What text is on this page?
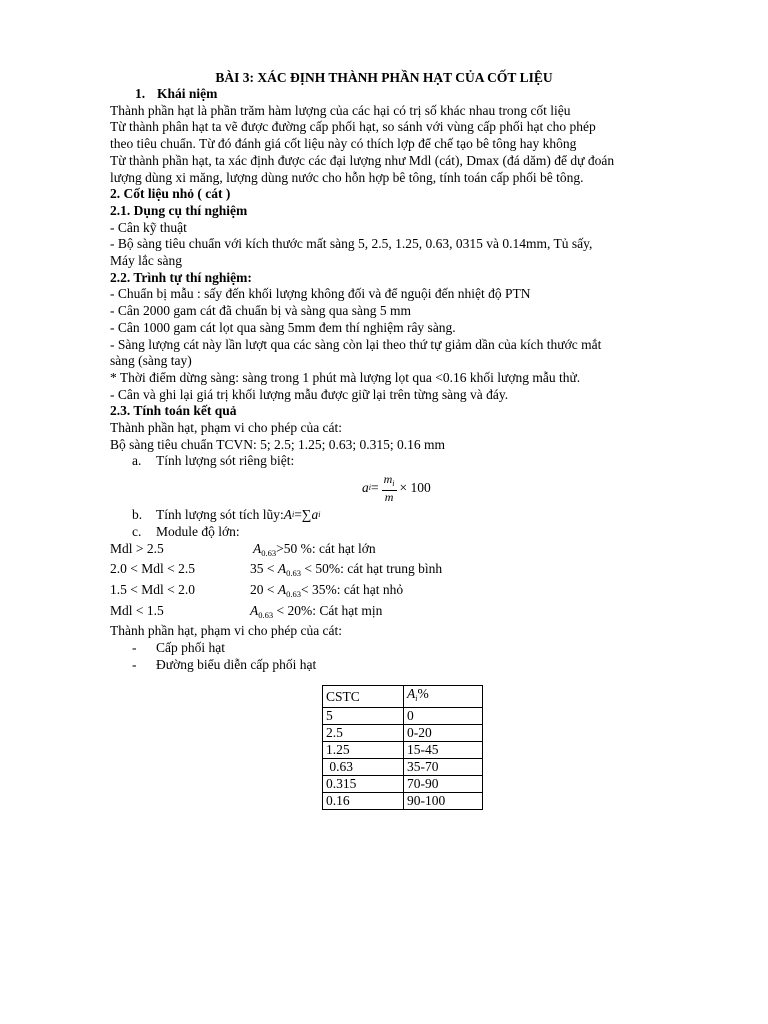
BÀI 3: XÁC ĐỊNH THÀNH PHẦN HẠT CỦA CỐT LIỆU
1. Khái niệm
Thành phần hạt là phần trăm hàm lượng của các hại có trị số khác nhau trong cốt liệu
Từ thành phân hạt ta vẽ được đường cấp phối hạt, so sánh với vùng cấp phối hạt cho phép
theo tiêu chuẩn. Từ đó đánh giá cốt liệu này có thích lợp để chế tạo bê tông hay không
Từ thành phần hạt, ta xác định được các đại lượng như Mdl (cát), Dmax (đá dăm) để dự đoán
lượng dùng xi măng, lượng dùng nước cho hỗn hợp bê tông, tính toán cấp phối bê tông.
2. Cốt liệu nhỏ ( cát )
2.1. Dụng cụ thí nghiệm
- Cân kỹ thuật
- Bộ sàng tiêu chuẩn với kích thước mất sàng 5, 2.5, 1.25, 0.63, 0315 và 0.14mm, Tủ sấy,
Máy lắc sàng
2.2. Trình tự thí nghiệm:
- Chuẩn bị mẫu : sấy đến khối lượng không đối và để nguội đến nhiệt độ PTN
- Cân 2000 gam cát đã chuẩn bị và sàng qua sàng 5 mm
- Cân 1000 gam cát lọt qua sàng 5mm đem thí nghiệm rây sàng.
- Sàng lượng cát này lần lượt qua các sàng còn lại theo thứ tự giảm dần của kích thước mắt
sàng (sàng tay)
* Thời điểm dừng sàng: sàng trong 1 phút mà lượng lọt qua <0.16 khối lượng mẫu thử.
- Cân và ghi lại giá trị khối lượng mẫu được giữ lại trên từng sàng và đáy.
2.3. Tính toán kết quả
Thành phần hạt, phạm vi cho phép của cát:
Bộ sàng tiêu chuẩn TCVN: 5; 2.5; 1.25; 0.63; 0.315; 0.16 mm
a.	Tính lượng sót riêng biệt:
a $i = \frac{m_i}{m} \times 100$
b.	Tính lượng sót tích lũy: A i =∑ a i
c.	Module độ lớn:
Mdl > 2.5	$A_{0.63}>50$ %: cát hạt lớn
2.0 < Mdl < 2.5	$35 < A_{0.63} < 50\%$: cát hạt trung bình
1.5 < Mdl < 2.0	$20 < A_{0.63}< 35\%$: cát hạt nhỏ
Mdl < 1.5	$A_{0.63} < 20\%$: Cát hạt mịn
Thành phần hạt, phạm vi cho phép của cát:
-	Cấp phối hạt
-	Đường biểu diễn cấp phối hạt
CSTC	$A_i\%$
5	0
2.5	0-20
1.25	15-45
0.63	35-70
0.315	70-90
0.16	90-100
